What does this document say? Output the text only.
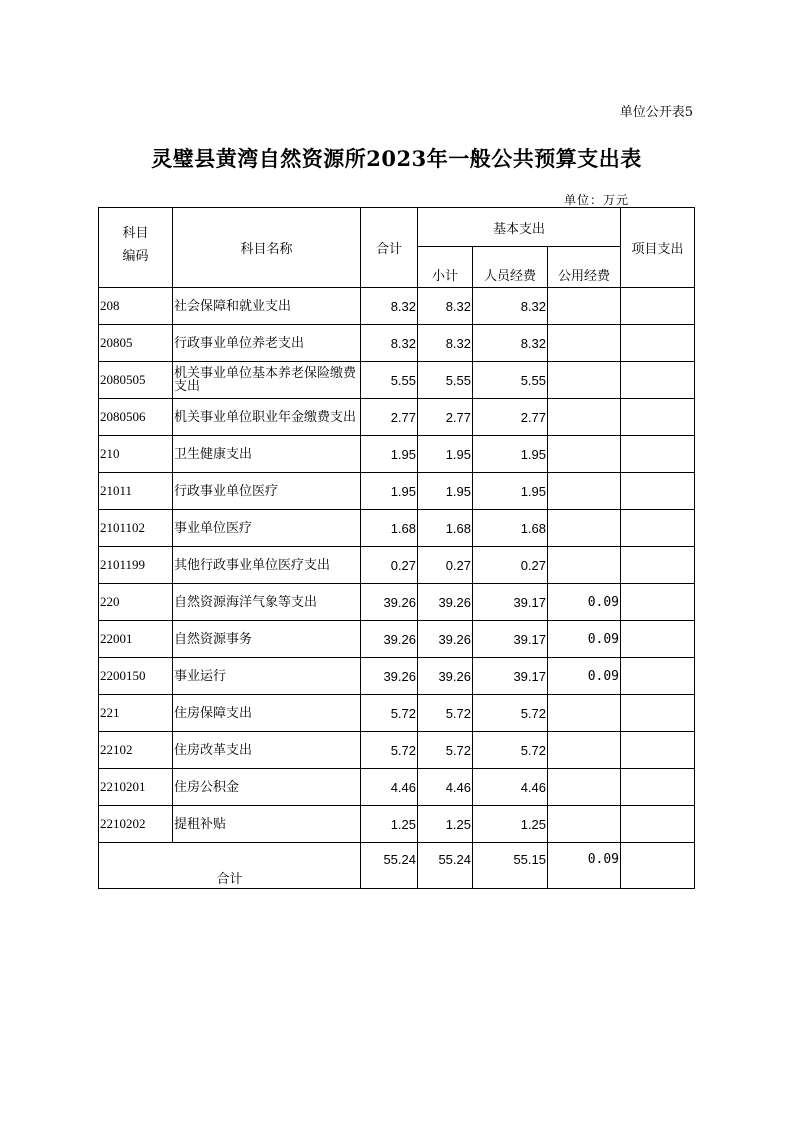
单位公开表5
灵璧县黄湾自然资源所2023年一般公共预算支出表
单位：万元
科目
编码	科目名称	合计	基本支出			项目支出
			小计	人员经费	公用经费	
208	社会保障和就业支出	8.32	8.32	8.32		
20805	行政事业单位养老支出	8.32	8.32	8.32		
2080505	机关事业单位基本养老保险缴费支出	5.55	5.55	5.55		
2080506	机关事业单位职业年金缴费支出	2.77	2.77	2.77		
210	卫生健康支出	1.95	1.95	1.95		
21011	行政事业单位医疗	1.95	1.95	1.95		
2101102	事业单位医疗	1.68	1.68	1.68		
2101199	其他行政事业单位医疗支出	0.27	0.27	0.27		
220	自然资源海洋气象等支出	39.26	39.26	39.17	0.09	
22001	自然资源事务	39.26	39.26	39.17	0.09	
2200150	事业运行	39.26	39.26	39.17	0.09	
221	住房保障支出	5.72	5.72	5.72		
22102	住房改革支出	5.72	5.72	5.72		
2210201	住房公积金	4.46	4.46	4.46		
2210202	提租补贴	1.25	1.25	1.25		
合计		55.24	55.24	55.15	0.09	
